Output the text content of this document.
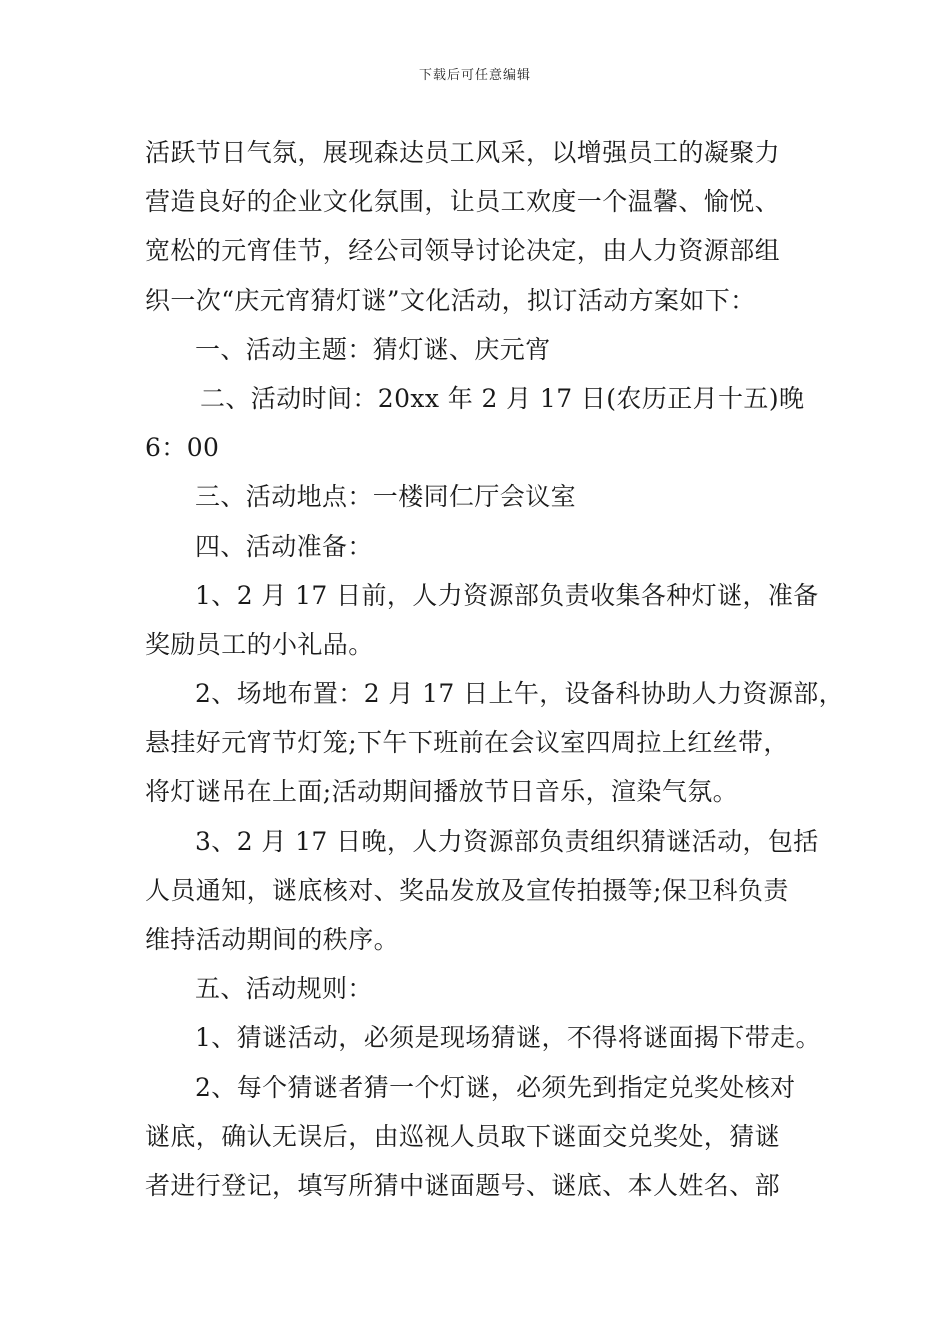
下载后可任意编辑
活跃节日气氛，展现森达员工风采，以增强员工的凝聚力
营造良好的企业文化氛围，让员工欢度一个温馨、愉悦、
宽松的元宵佳节，经公司领导讨论决定，由人力资源部组
织一次“庆元宵猜灯谜”文化活动，拟订活动方案如下：
一、活动主题：猜灯谜、庆元宵
二、活动时间：20xx 年 2 月 17 日(农历正月十五)晚
6：00
三、活动地点：一楼同仁厅会议室
四、活动准备：
1、2 月 17 日前，人力资源部负责收集各种灯谜，准备
奖励员工的小礼品。
2、场地布置：2 月 17 日上午，设备科协助人力资源部，
悬挂好元宵节灯笼;下午下班前在会议室四周拉上红丝带，
将灯谜吊在上面;活动期间播放节日音乐，渲染气氛。
3、2 月 17 日晚，人力资源部负责组织猜谜活动，包括
人员通知，谜底核对、奖品发放及宣传拍摄等;保卫科负责
维持活动期间的秩序。
五、活动规则：
1、猜谜活动，必须是现场猜谜，不得将谜面揭下带走。
2、每个猜谜者猜一个灯谜，必须先到指定兑奖处核对
谜底，确认无误后，由巡视人员取下谜面交兑奖处，猜谜
者进行登记，填写所猜中谜面题号、谜底、本人姓名、部
